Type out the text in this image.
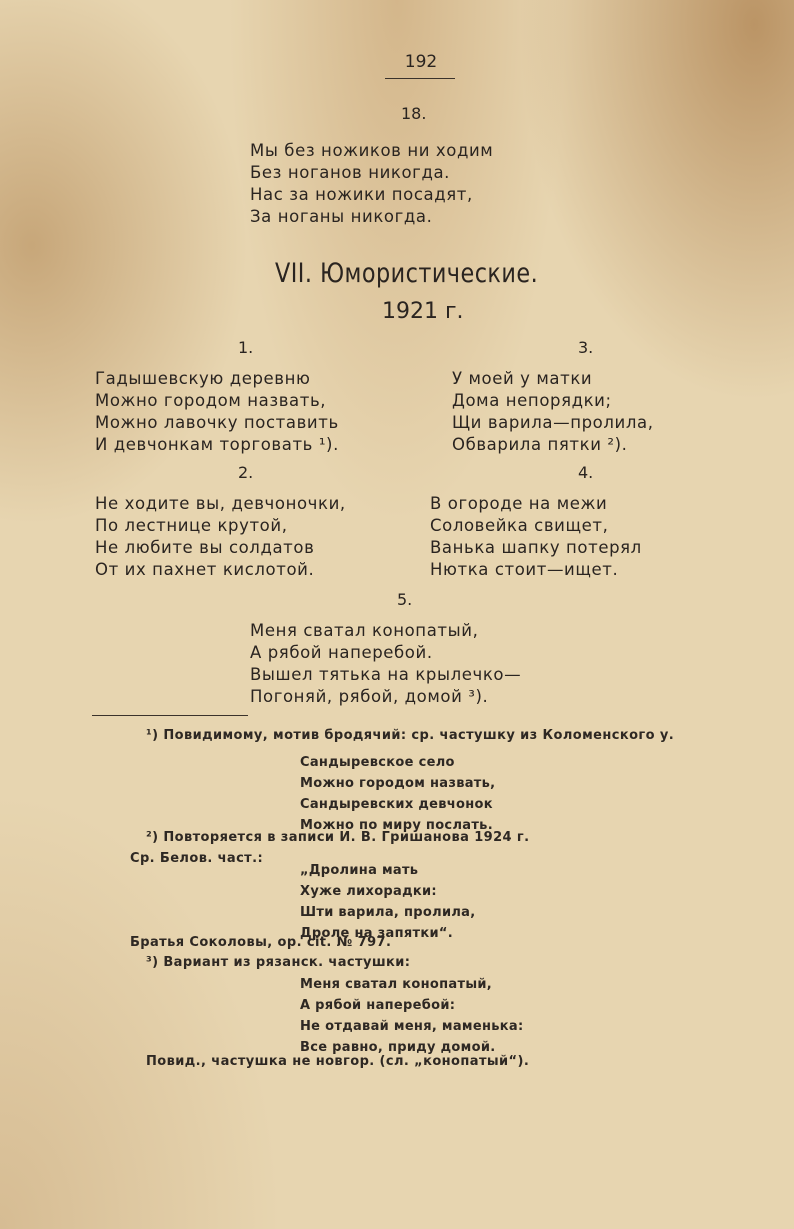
192
18.
Мы без ножиков ни ходим
Без ноганов никогда.
Нас за ножики посадят,
За ноганы никогда.
VII. Юмористические.
1921 г.
1.
Гадышевскую деревню
Можно городом назвать,
Можно лавочку поставить
И девчонкам торговать ¹).
3.
У моей у матки
Дома непорядки;
Щи варила—пролила,
Обварила пятки ²).
2.
Не ходите вы, девчоночки,
По лестнице крутой,
Не любите вы солдатов
От их пахнет кислотой.
4.
В огороде на межи
Соловейка свищет,
Ванька шапку потерял
Нютка стоит—ищет.
5.
Меня сватал конопатый,
А рябой наперебой.
Вышел тятька на крылечко—
Погоняй, рябой, домой ³).
¹) Повидимому, мотив бродячий: ср. частушку из Коломенского у.
Сандыревское село
Можно городом назвать,
Сандыревских девчонок
Можно по миру послать.
²) Повторяется в записи И. В. Гришанова 1924 г.
Ср. Белов. част.:
„Дролина мать
Хуже лихорадки:
Шти варила, пролила,
Дроле на запятки“.
Братья Соколовы, ор. cit. № 797.
³) Вариант из рязанск. частушки:
Меня сватал конопатый,
А рябой наперебой:
Не отдавай меня, маменька:
Все равно, приду домой.
Повид., частушка не новгор. (сл. „конопатый“).
